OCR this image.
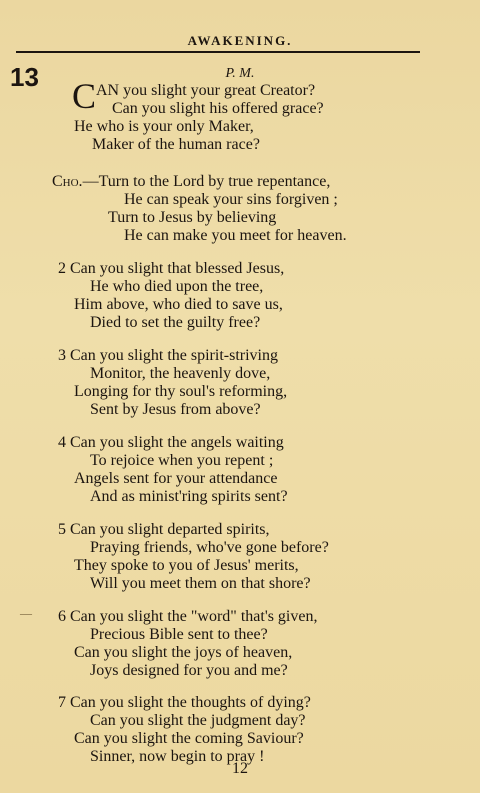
AWAKENING.
13	P. M.
C AN you slight your great Creator?
Can you slight his offered grace?
He who is your only Maker,
Maker of the human race?
Cho.—Turn to the Lord by true repentance,
He can speak your sins forgiven ;
Turn to Jesus by believing
He can make you meet for heaven.
2 Can you slight that blessed Jesus,
He who died upon the tree,
Him above, who died to save us,
Died to set the guilty free?
3 Can you slight the spirit-striving
Monitor, the heavenly dove,
Longing for thy soul's reforming,
Sent by Jesus from above?
4 Can you slight the angels waiting
To rejoice when you repent ;
Angels sent for your attendance
And as minist'ring spirits sent?
5 Can you slight departed spirits,
Praying friends, who've gone before?
They spoke to you of Jesus' merits,
Will you meet them on that shore?
— 6 Can you slight the "word" that's given,
Precious Bible sent to thee?
Can you slight the joys of heaven,
Joys designed for you and me?
7 Can you slight the thoughts of dying?
Can you slight the judgment day?
Can you slight the coming Saviour?
Sinner, now begin to pray !
12
